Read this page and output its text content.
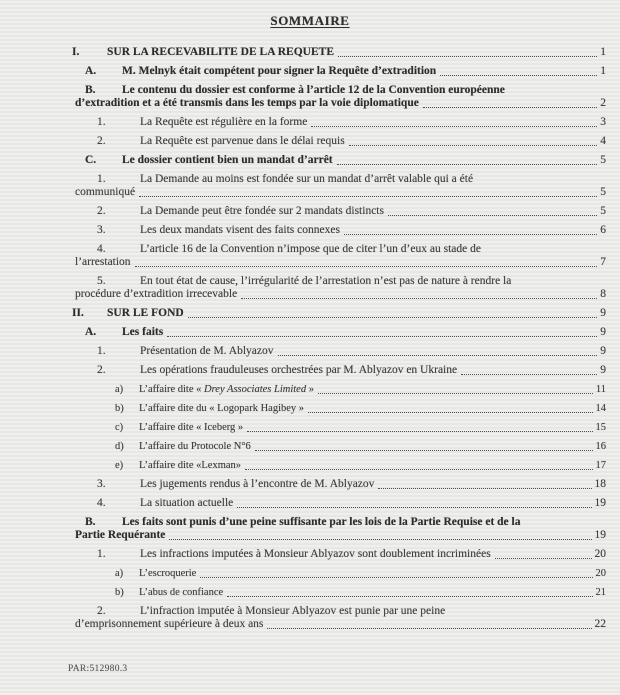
SOMMAIRE
I.	SUR LA RECEVABILITE DE LA REQUETE	1
A.	M. Melnyk était compétent pour signer la Requête d’extradition	1
B.	Le contenu du dossier est conforme à l’article 12 de la Convention européenne
d’extradition et a été transmis dans les temps par la voie diplomatique	2
1.	La Requête est régulière en la forme	3
2.	La Requête est parvenue dans le délai requis	4
C.	Le dossier contient bien un mandat d’arrêt	5
1.	La Demande au moins est fondée sur un mandat d’arrêt valable qui a été
communiqué	5
2.	La Demande peut être fondée sur 2 mandats distincts	5
3.	Les deux mandats visent des faits connexes	6
4.	L’article 16 de la Convention n’impose que de citer l’un d’eux au stade de
l’arrestation	7
5.	En tout état de cause, l’irrégularité de l’arrestation n’est pas de nature à rendre la
procédure d’extradition irrecevable	8
II.	SUR LE FOND	9
A.	Les faits	9
1.	Présentation de M. Ablyazov	9
2.	Les opérations frauduleuses orchestrées par M. Ablyazov en Ukraine	9
a)	L’affaire dite « Drey Associates Limited »	11
b)	L’affaire dite du « Logopark Hagibey »	14
c)	L’affaire dite « Iceberg »	15
d)	L’affaire du Protocole N°6	16
e)	L’affaire dite «Lexman»	17
3.	Les jugements rendus à l’encontre de M. Ablyazov	18
4.	La situation actuelle	19
B.	Les faits sont punis d’une peine suffisante par les lois de la Partie Requise et de la
Partie Requérante	19
1.	Les infractions imputées à Monsieur Ablyazov sont doublement incriminées	20
a)	L’escroquerie	20
b)	L’abus de confiance	21
2.	L’infraction imputée à Monsieur Ablyazov est punie par une peine
d’emprisonnement supérieure à deux ans	22
PAR:512980.3
